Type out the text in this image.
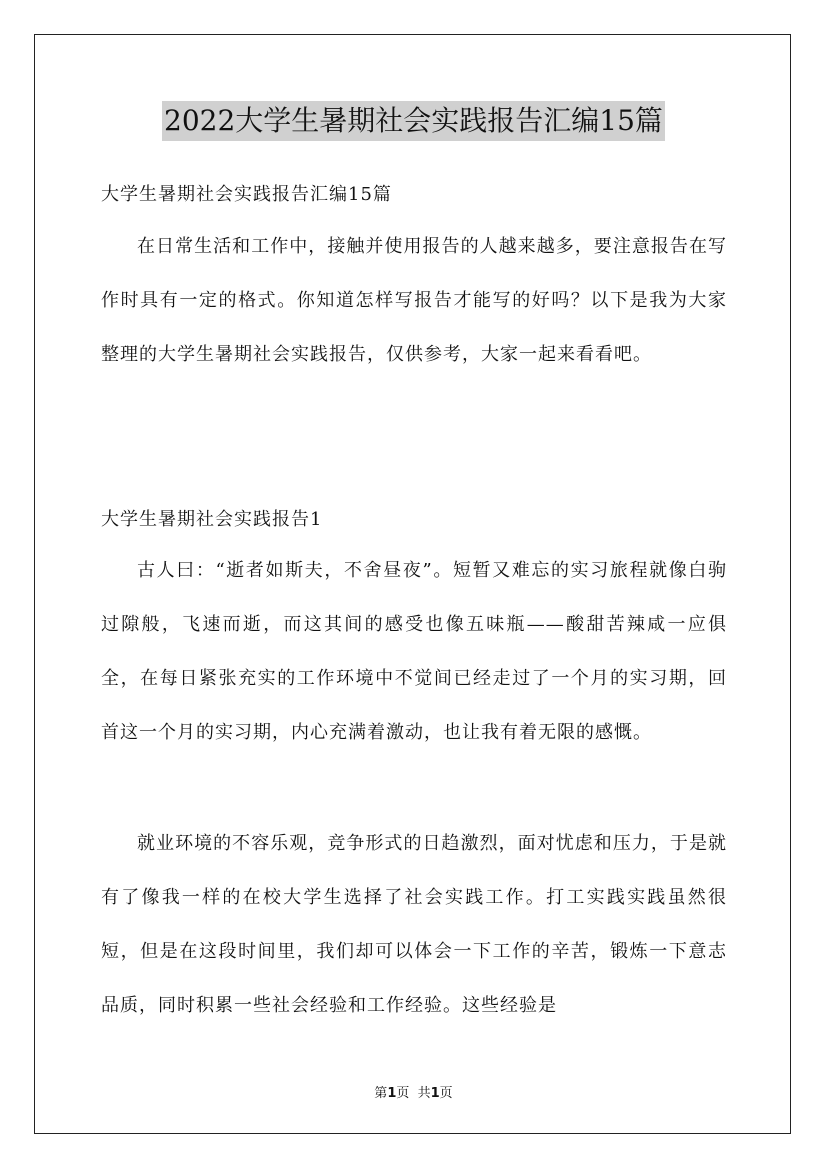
2022大学生暑期社会实践报告汇编15篇
大学生暑期社会实践报告汇编15篇

在日常生活和工作中，接触并使用报告的人越来越多，要注意报告在写作时具有一定的格式。你知道怎样写报告才能写的好吗？以下是我为大家整理的大学生暑期社会实践报告，仅供参考，大家一起来看看吧。

大学生暑期社会实践报告1

古人曰：“逝者如斯夫，不舍昼夜”。短暂又难忘的实习旅程就像白驹过隙般，飞速而逝，而这其间的感受也像五味瓶——酸甜苦辣咸一应俱全，在每日紧张充实的工作环境中不觉间已经走过了一个月的实习期，回首这一个月的实习期，内心充满着激动，也让我有着无限的感慨。

就业环境的不容乐观，竞争形式的日趋激烈，面对忧虑和压力，于是就有了像我一样的在校大学生选择了社会实践工作。打工实践实践虽然很短，但是在这段时间里，我们却可以体会一下工作的辛苦，锻炼一下意志品质，同时积累一些社会经验和工作经验。这些经验是

第1页  共1页
